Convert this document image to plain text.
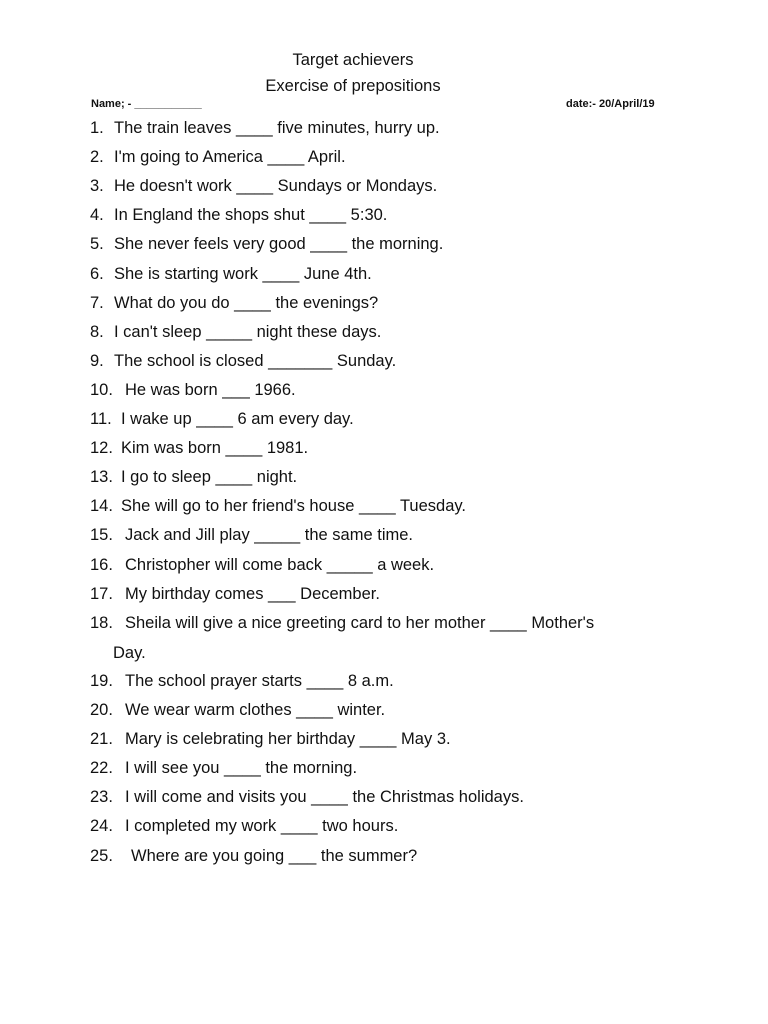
Target achievers
Exercise of prepositions
Name; - ___________	date:- 20/April/19
1. The train leaves ____ five minutes, hurry up.
2. I'm going to America ____ April.
3. He doesn't work ____ Sundays or Mondays.
4. In England the shops shut ____ 5:30.
5. She never feels very good ____ the morning.
6. She is starting work ____ June 4th.
7. What do you do ____ the evenings?
8. I can't sleep _____ night these days.
9. The school is closed _______ Sunday.
10. He was born ___ 1966.
11. I wake up ____ 6 am every day.
12. Kim was born ____ 1981.
13. I go to sleep ____ night.
14. She will go to her friend's house ____ Tuesday.
15. Jack and Jill play _____ the same time.
16. Christopher will come back _____ a week.
17. My birthday comes ___ December.
18. Sheila will give a nice greeting card to her mother ____ Mother's
Day.
19. The school prayer starts ____ 8 a.m.
20. We wear warm clothes ____ winter.
21. Mary is celebrating her birthday ____ May 3.
22. I will see you ____ the morning.
23. I will come and visits you ____ the Christmas holidays.
24. I completed my work ____ two hours.
25. Where are you going ___ the summer?
